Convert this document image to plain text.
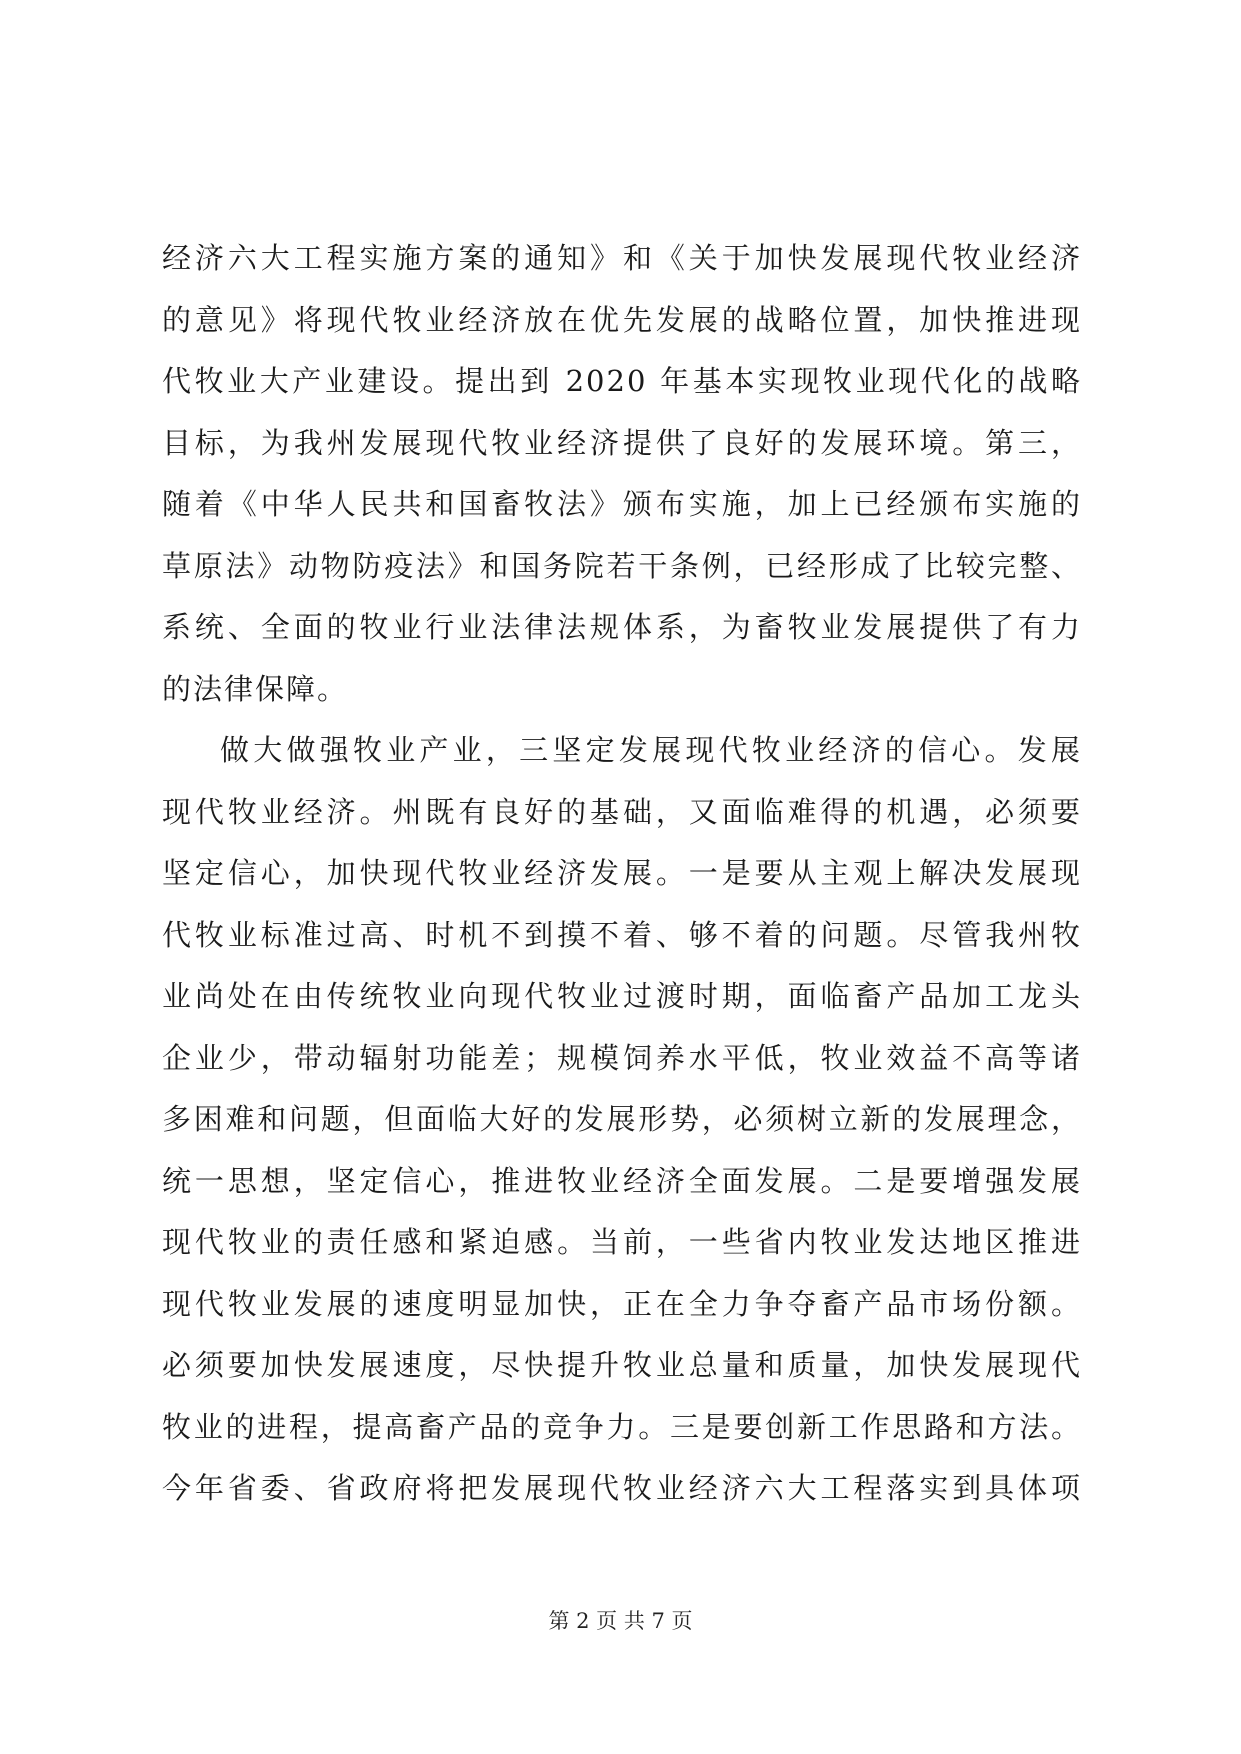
经济六大工程实施方案的通知》和《关于加快发展现代牧业经济
的意见》将现代牧业经济放在优先发展的战略位置，加快推进现
代牧业大产业建设。提出到 2020 年基本实现牧业现代化的战略
目标，为我州发展现代牧业经济提供了良好的发展环境。第三，
随着《中华人民共和国畜牧法》颁布实施，加上已经颁布实施的
草原法》动物防疫法》和国务院若干条例，已经形成了比较完整、
系统、全面的牧业行业法律法规体系，为畜牧业发展提供了有力
的法律保障。
做大做强牧业产业，三坚定发展现代牧业经济的信心。发展
现代牧业经济。州既有良好的基础，又面临难得的机遇，必须要
坚定信心，加快现代牧业经济发展。一是要从主观上解决发展现
代牧业标准过高、时机不到摸不着、够不着的问题。尽管我州牧
业尚处在由传统牧业向现代牧业过渡时期，面临畜产品加工龙头
企业少，带动辐射功能差；规模饲养水平低，牧业效益不高等诸
多困难和问题，但面临大好的发展形势，必须树立新的发展理念，
统一思想，坚定信心，推进牧业经济全面发展。二是要增强发展
现代牧业的责任感和紧迫感。当前，一些省内牧业发达地区推进
现代牧业发展的速度明显加快，正在全力争夺畜产品市场份额。
必须要加快发展速度，尽快提升牧业总量和质量，加快发展现代
牧业的进程，提高畜产品的竞争力。三是要创新工作思路和方法。
今年省委、省政府将把发展现代牧业经济六大工程落实到具体项
第 2 页 共 7 页
